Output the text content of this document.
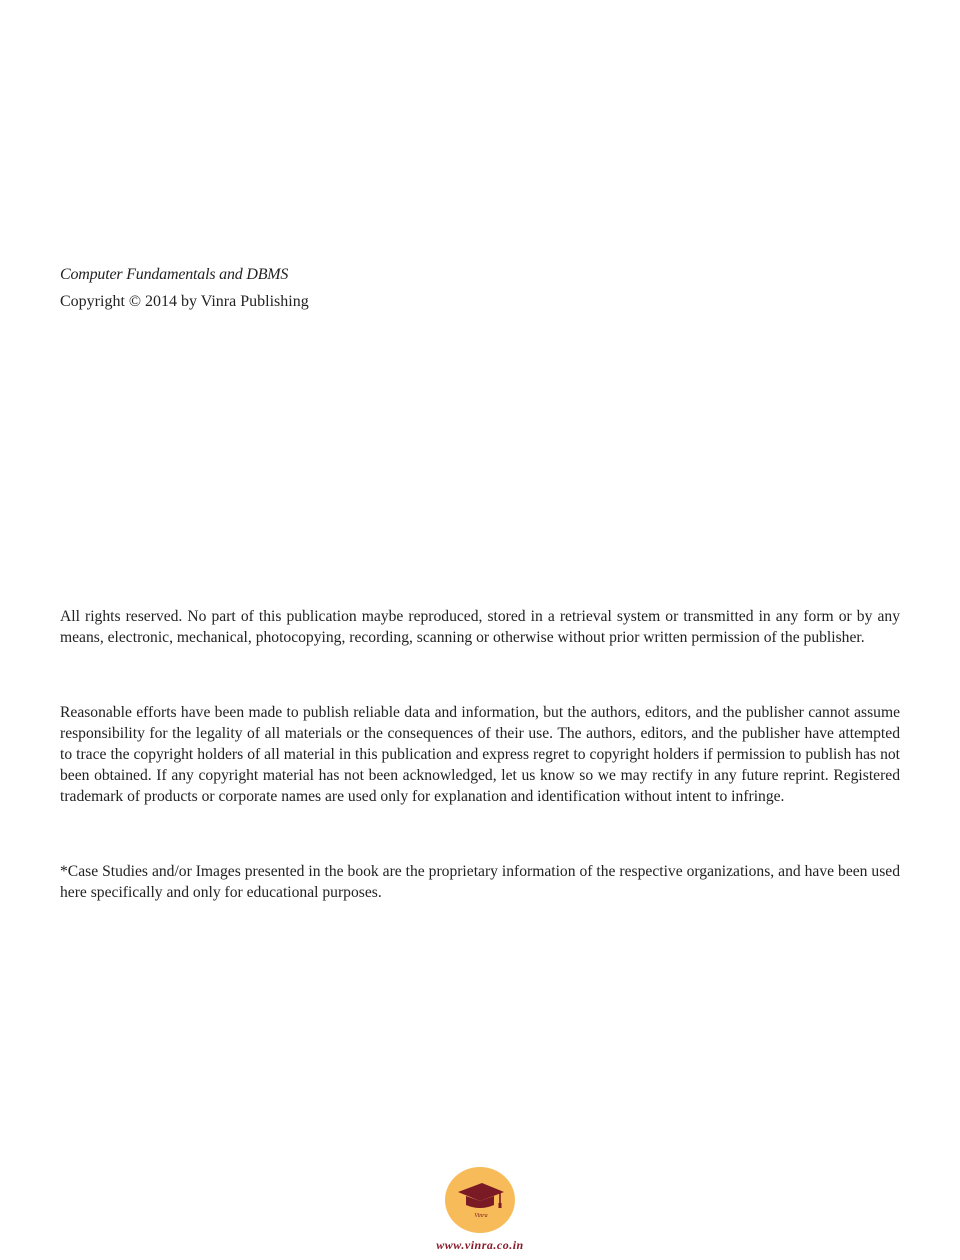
Computer Fundamentals and DBMS
Copyright © 2014 by Vinra Publishing

All rights reserved. No part of this publication maybe reproduced, stored in a retrieval system or transmitted in any form or by any means, electronic, mechanical, photocopying, recording, scanning or otherwise without prior written permission of the publisher.

Reasonable efforts have been made to publish reliable data and information, but the authors, editors, and the publisher cannot assume responsibility for the legality of all materials or the consequences of their use. The authors, editors, and the publisher have attempted to trace the copyright holders of all material in this publication and express regret to copyright holders if permission to publish has not been obtained. If any copyright material has not been acknowledged, let us know so we may rectify in any future reprint. Registered trademark of products or corporate names are used only for explanation and identification without intent to infringe.

*Case Studies and/or Images presented in the book are the proprietary information of the respective organizations, and have been used here specifically and only for educational purposes.

Vinra
www.vinra.co.in
